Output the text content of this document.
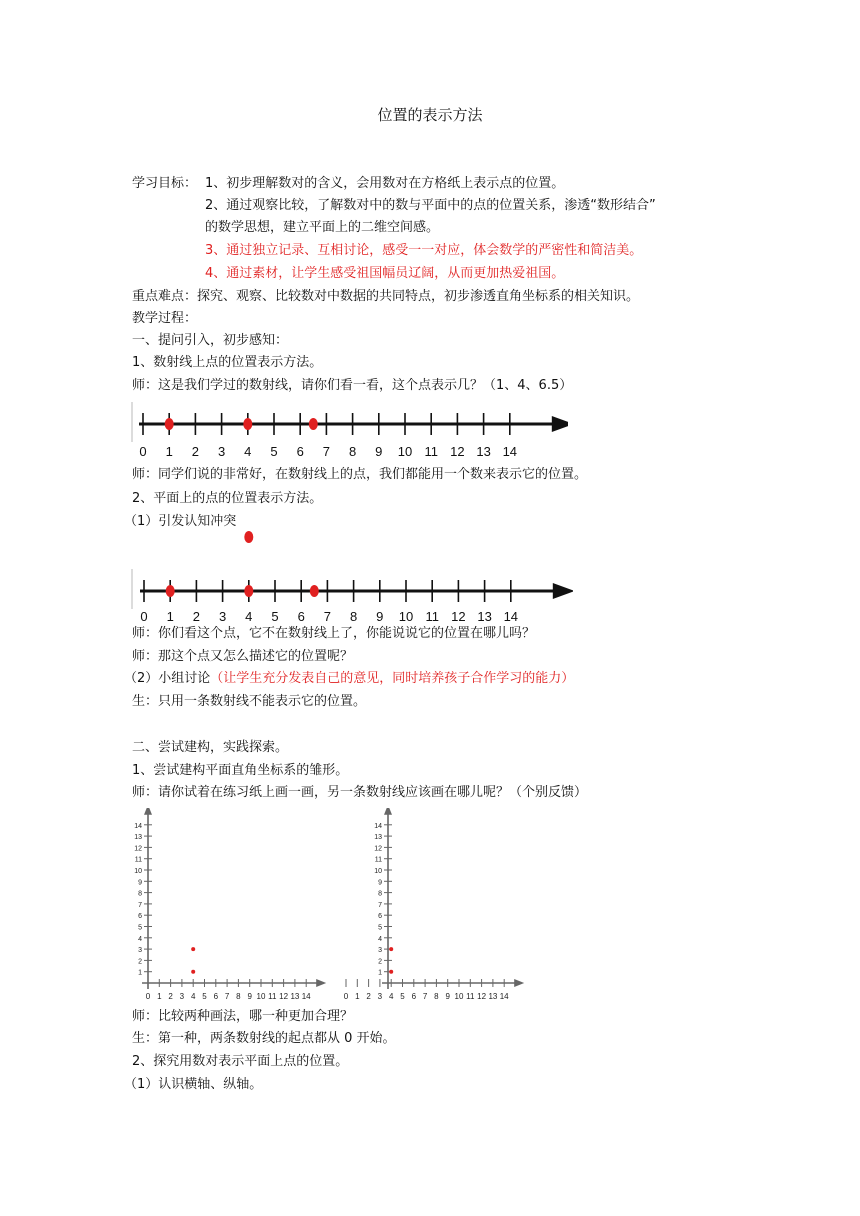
位置的表示方法
学习目标： 1、初步理解数对的含义，会用数对在方格纸上表示点的位置。
2、通过观察比较，了解数对中的数与平面中的点的位置关系，渗透“数形结合”
的数学思想，建立平面上的二维空间感。
3、通过独立记录、互相讨论，感受一一对应，体会数学的严密性和简洁美。
4、通过素材，让学生感受祖国幅员辽阔，从而更加热爱祖国。
重点难点：探究、观察、比较数对中数据的共同特点，初步渗透直角坐标系的相关知识。
教学过程：
一、提问引入，初步感知：
1、数射线上点的位置表示方法。
师：这是我们学过的数射线，请你们看一看，这个点表示几？（1、4、6.5）
0 1 2 3 4 5 6 7 8 9 10 11 12 13 14
师：同学们说的非常好，在数射线上的点，我们都能用一个数来表示它的位置。
2、平面上的点的位置表示方法。
（1）引发认知冲突
0 1 2 3 4 5 6 7 8 9 10 11 12 13 14
师：你们看这个点，它不在数射线上了，你能说说它的位置在哪儿吗？
师：那这个点又怎么描述它的位置呢？
（2）小组讨论（让学生充分发表自己的意见，同时培养孩子合作学习的能力）
生：只用一条数射线不能表示它的位置。
二、尝试建构，实践探索。
1、尝试建构平面直角坐标系的雏形。
师：请你试着在练习纸上画一画，另一条数射线应该画在哪儿呢？（个别反馈）
1
2
3
4
5
6
7
8
9
10
11
12
13
14
0 1 2 3 4 5 6 7 8 9 10 11 12 13 14
1
2
3
4
5
6
7
8
9
10
11
12
13
14
0 1 2 3 4 5 6 7 8 9 10 11 12 13 14
师：比较两种画法，哪一种更加合理？
生：第一种，两条数射线的起点都从 0 开始。
2、探究用数对表示平面上点的位置。
（1）认识横轴、纵轴。
